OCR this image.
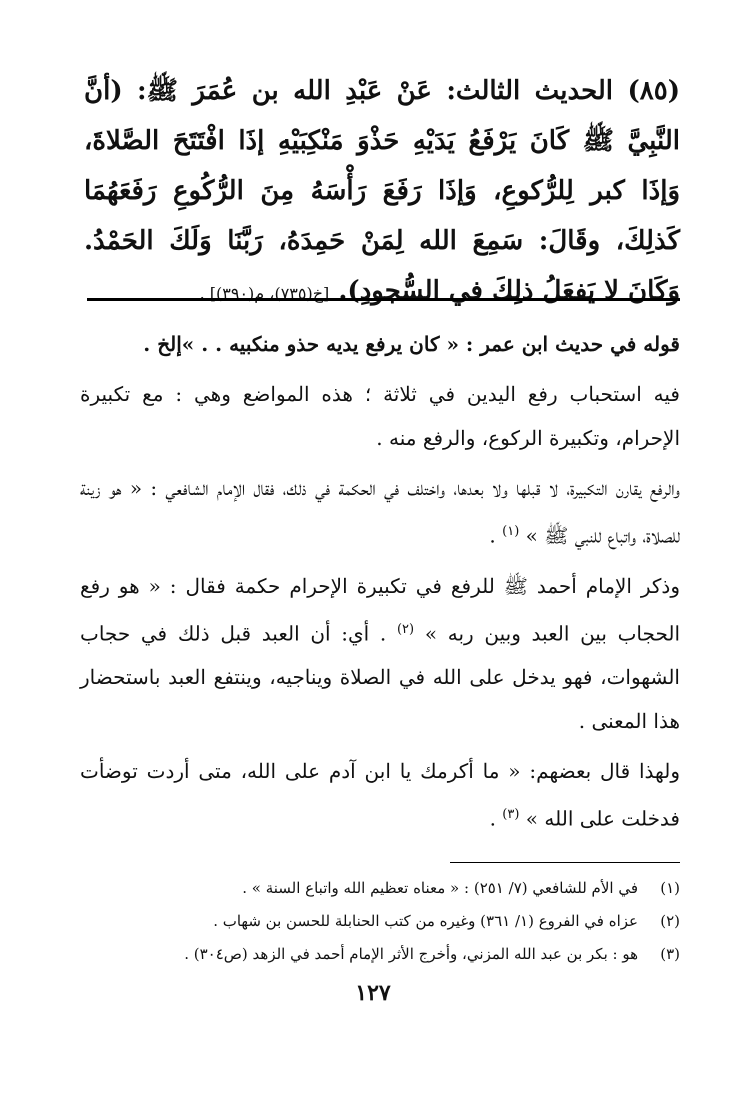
(٨٥) الحديث الثالث: عَنْ عَبْدِ الله بن عُمَرَ ﷺ: (أنَّ النَّبِيَّ ﷺ كَانَ يَرْفَعُ يَدَيْهِ حَذْوَ مَنْكِبَيْهِ إذَا افْتَتَحَ الصَّلاةَ، وَإذَا كبر لِلرُّكوعِ، وَإذَا رَفَعَ رَأْسَهُ مِنَ الرُّكُوعِ رَفَعَهُمَا كَذلِكَ، وقَالَ: سَمِعَ الله لِمَنْ حَمِدَهُ، رَبَّنَا وَلَكَ الحَمْدُ. وَكَانَ لا يَفعَلُ ذلِكَ في السُّجودِ). [خ(٧٣٥)، م(٣٩٠)] .

قوله في حديث ابن عمر : « كان يرفع يديه حذو منكبيه . . »إلخ .

فيه استحباب رفع اليدين في ثلاثة ؛ هذه المواضع وهي : مع تكبيرة الإحرام، وتكبيرة الركوع، والرفع منه .

والرفع يقارن التكبيرة، لا قبلها ولا بعدها، واختلف في الحكمة في ذلك، فقال الإمام الشافعي : « هو زينة للصلاة، واتباع للنبي ﷺ » $^{(١)}$ .

وذكر الإمام أحمد ﷺ للرفع في تكبيرة الإحرام حكمة فقال : « هو رفع الحجاب بين العبد وبين ربه » $^{(٢)}$ . أي: أن العبد قبل ذلك في حجاب الشهوات، فهو يدخل على الله في الصلاة ويناجيه، وينتفع العبد باستحضار هذا المعنى .

ولهذا قال بعضهم: « ما أكرمك يا ابن آدم على الله، متى أردت توضأت فدخلت على الله » $^{(٣)}$ .

(١)
في الأم للشافعي (٧/ ٢٥١) : « معناه تعظيم الله واتباع السنة » .
(٢)
عزاه في الفروع (١/ ٣٦١) وغيره من كتب الحنابلة للحسن بن شهاب .
(٣)
هو : بكر بن عبد الله المزني، وأخرج الأثر الإمام أحمد في الزهد (ص٣٠٤) .
١٢٧
